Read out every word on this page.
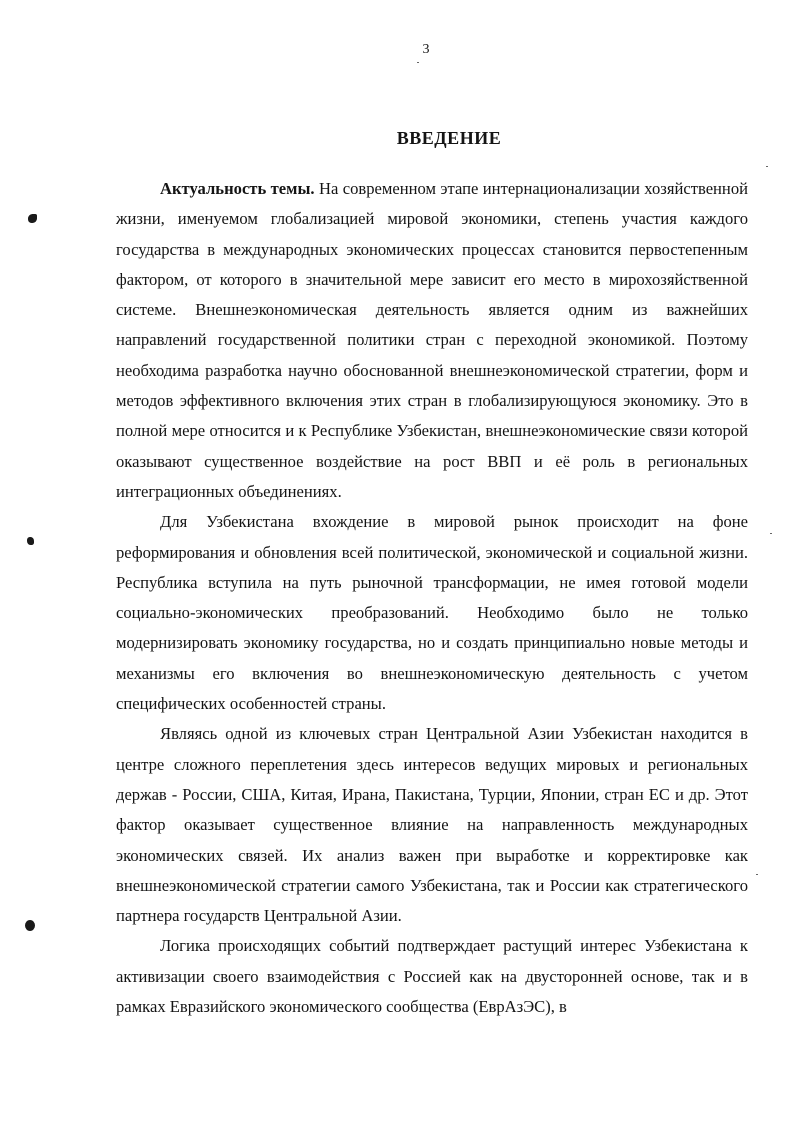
3
ВВЕДЕНИЕ

Актуальность темы. На современном этапе интернационализации хозяйственной жизни, именуемом глобализацией мировой экономики, степень участия каждого государства в международных экономических процессах становится первостепенным фактором, от которого в значительной мере зависит его место в мирохозяйственной системе. Внешнеэкономическая деятельность является одним из важнейших направлений государственной политики стран с переходной экономикой. Поэтому необходима разработка научно обоснованной внешнеэкономической стратегии, форм и методов эффективного включения этих стран в глобализирующуюся экономику. Это в полной мере относится и к Республике Узбекистан, внешнеэкономические связи которой оказывают существенное воздействие на рост ВВП и её роль в региональных интеграционных объединениях.

Для Узбекистана вхождение в мировой рынок происходит на фоне реформирования и обновления всей политической, экономической и социальной жизни. Республика вступила на путь рыночной трансформации, не имея готовой модели социально-экономических преобразований. Необходимо было не только модернизировать экономику государства, но и создать принципиально новые методы и механизмы его включения во внешнеэкономическую деятельность с учетом специфических особенностей страны.

Являясь одной из ключевых стран Центральной Азии Узбекистан находится в центре сложного переплетения здесь интересов ведущих мировых и региональных держав - России, США, Китая, Ирана, Пакистана, Турции, Японии, стран ЕС и др. Этот фактор оказывает существенное влияние на направленность международных экономических связей. Их анализ важен при выработке и корректировке как внешнеэкономической стратегии самого Узбекистана, так и России как стратегического партнера государств Центральной Азии.

Логика происходящих событий подтверждает растущий интерес Узбекистана к активизации своего взаимодействия с Россией как на двусторонней основе, так и в рамках Евразийского экономического сообщества (ЕврАзЭС), в
